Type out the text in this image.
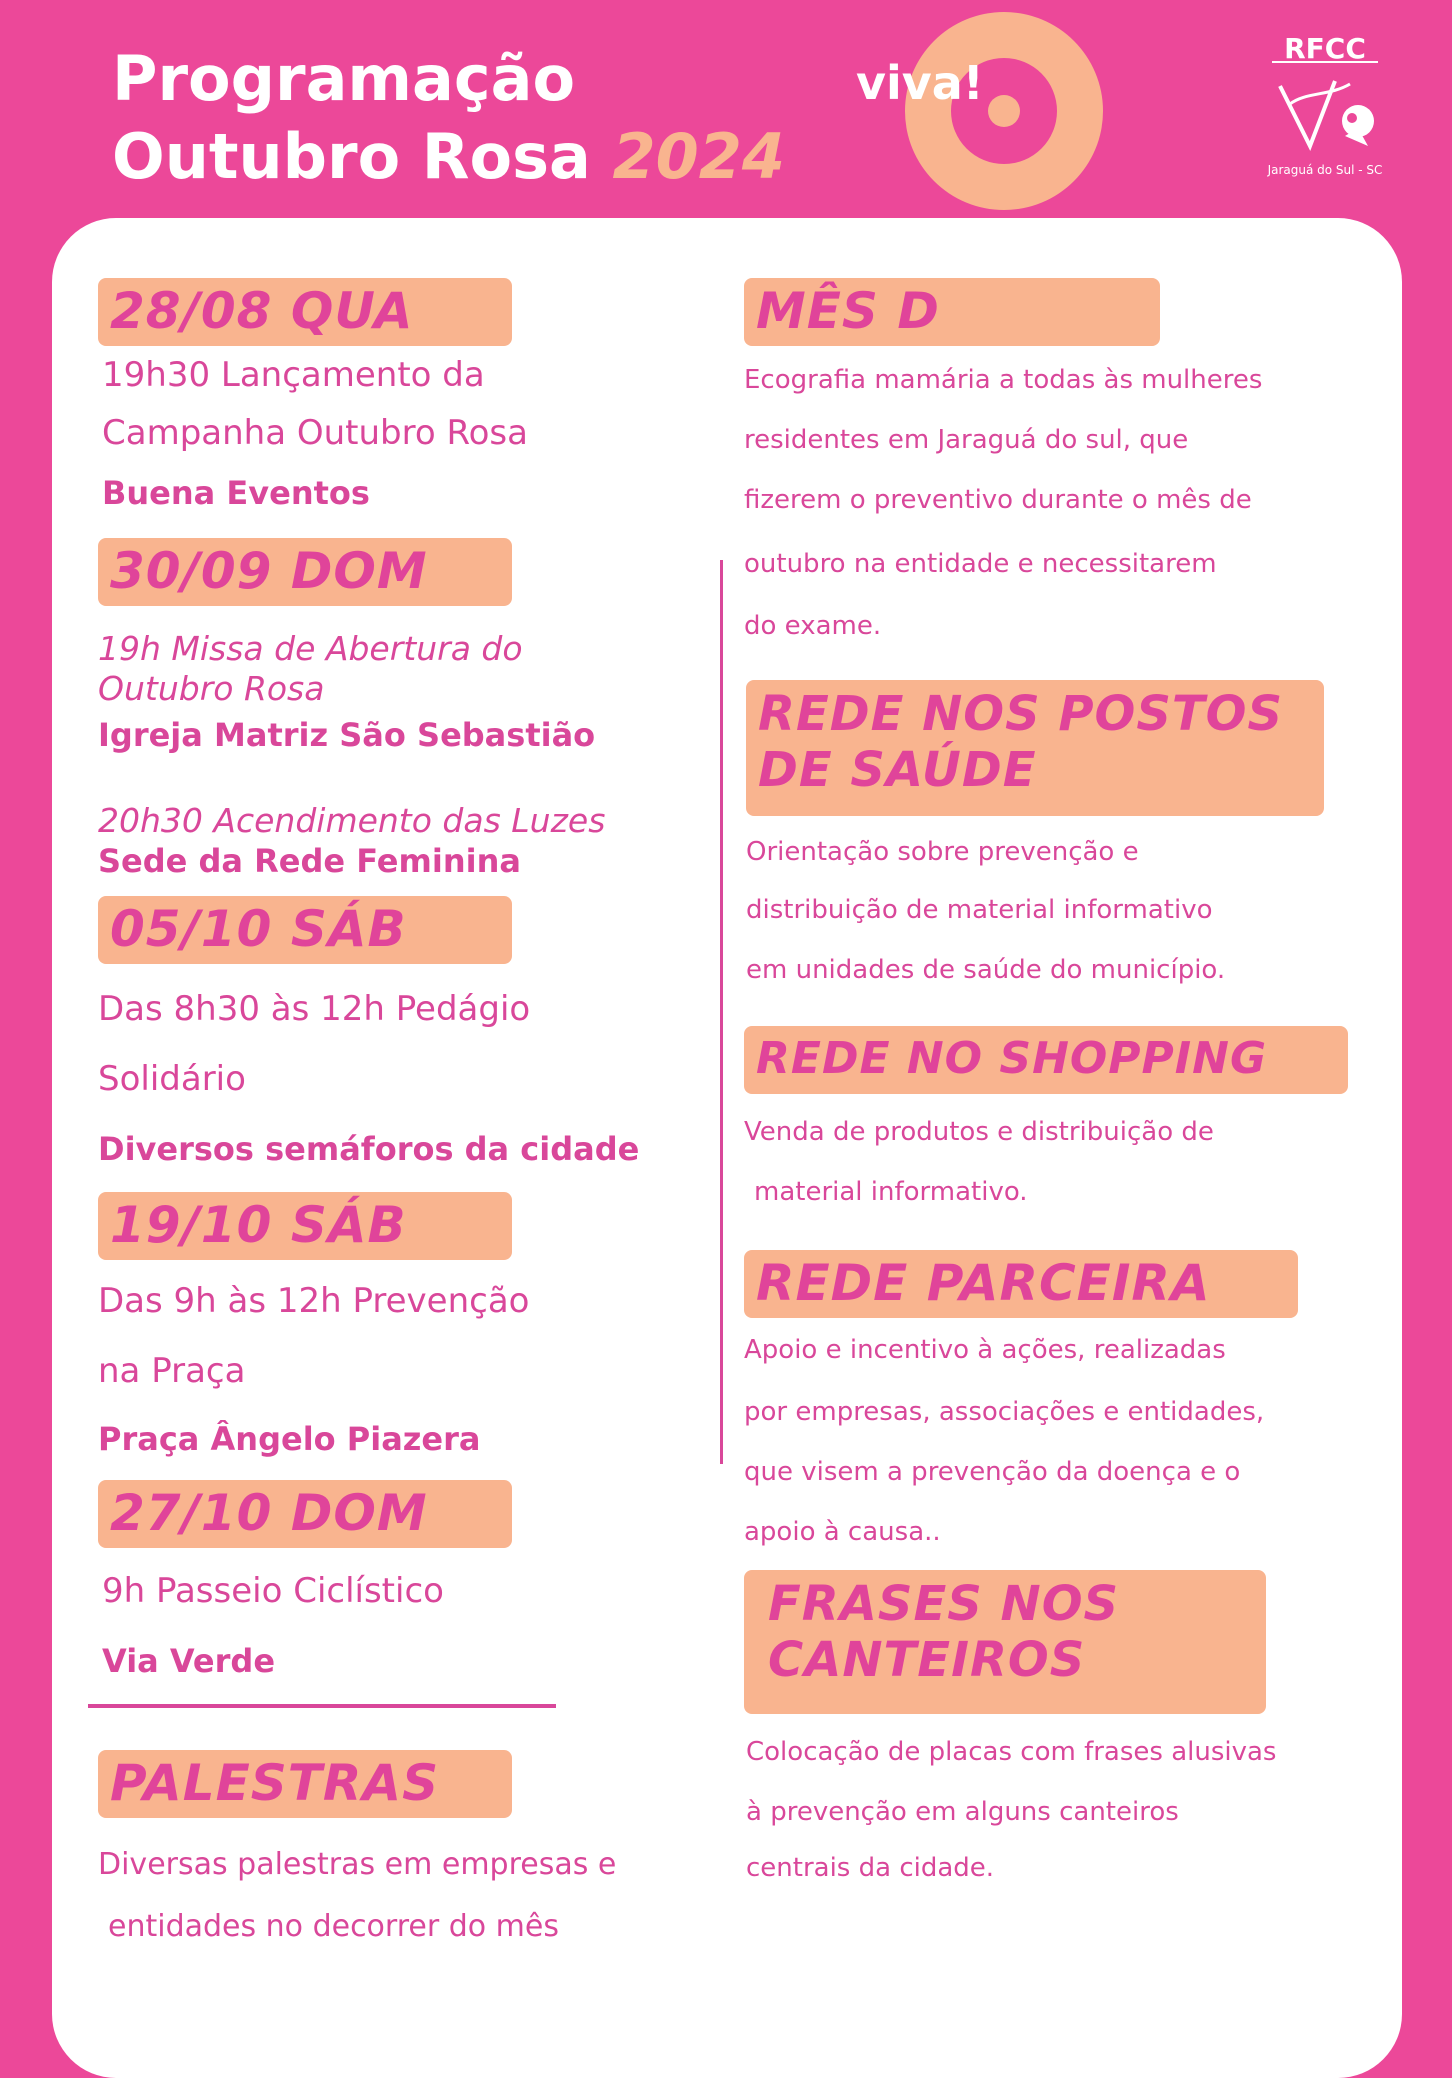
Programação
Outubro Rosa 2024
viva!
RFCC
Jaraguá do Sul - SC
28/08 QUA
19h30 Lançamento da
Campanha Outubro Rosa
Buena Eventos
30/09 DOM
19h Missa de Abertura do
Outubro Rosa
Igreja Matriz São Sebastião
20h30 Acendimento das Luzes
Sede da Rede Feminina
05/10 SÁB
Das 8h30 às 12h Pedágio
Solidário
Diversos semáforos da cidade
19/10 SÁB
Das 9h às 12h Prevenção
na Praça
Praça Ângelo Piazera
27/10 DOM
9h Passeio Ciclístico
Via Verde
PALESTRAS
Diversas palestras em empresas e
entidades no decorrer do mês
MÊS D
Ecografia mamária a todas às mulheres
residentes em Jaraguá do sul, que
fizerem o preventivo durante o mês de
outubro na entidade e necessitarem
do exame.
REDE NOS POSTOS
DE SAÚDE
Orientação sobre prevenção e
distribuição de material informativo
em unidades de saúde do município.
REDE NO SHOPPING
Venda de produtos e distribuição de
material informativo.
REDE PARCEIRA
Apoio e incentivo à ações, realizadas
por empresas, associações e entidades,
que visem a prevenção da doença e o
apoio à causa..
FRASES NOS
CANTEIROS
Colocação de placas com frases alusivas
à prevenção em alguns canteiros
centrais da cidade.
